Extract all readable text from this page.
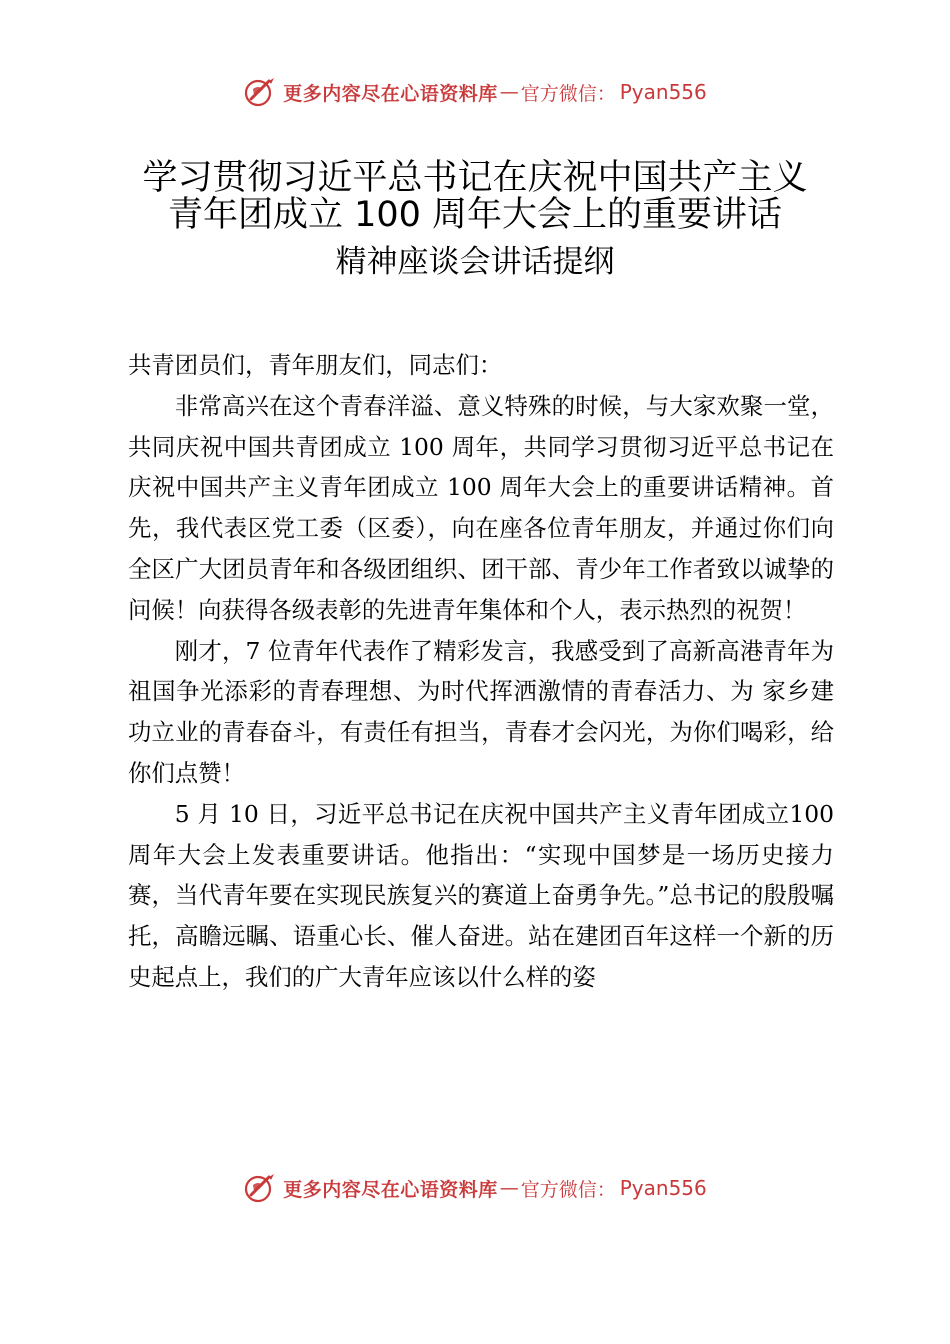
更多内容尽在心语资料库 — 官方微信： Pyan556
学习贯彻习近平总书记在庆祝中国共产主义
青年团成立 100 周年大会上的重要讲话
精神座谈会讲话提纲

共青团员们，青年朋友们，同志们：

非常高兴在这个青春洋溢、意义特殊的时候，与大家欢聚一堂，共同庆祝中国共青团成立 100 周年，共同学习贯彻习近平总书记在庆祝中国共产主义青年团成立 100 周年大会上的重要讲话精神。首先，我代表区党工委（区委），向在座各位青年朋友，并通过你们向全区广大团员青年和各级团组织、团干部、青少年工作者致以诚挚的问候！向获得各级表彰的先进青年集体和个人，表示热烈的祝贺！

刚才，7 位青年代表作了精彩发言，我感受到了高新高港青年为祖国争光添彩的青春理想、为时代挥洒激情的青春活力、为 家乡建功立业的青春奋斗，有责任有担当，青春才会闪光，为你们喝彩，给你们点赞！

5 月 10 日，习近平总书记在庆祝中国共产主义青年团成立100 周年大会上发表重要讲话。他指出：“实现中国梦是一场历史接力赛，当代青年要在实现民族复兴的赛道上奋勇争先。”总书记的殷殷嘱托，高瞻远瞩、语重心长、催人奋进。站在建团百年这样一个新的历史起点上，我们的广大青年应该以什么样的姿

更多内容尽在心语资料库 — 官方微信： Pyan556
